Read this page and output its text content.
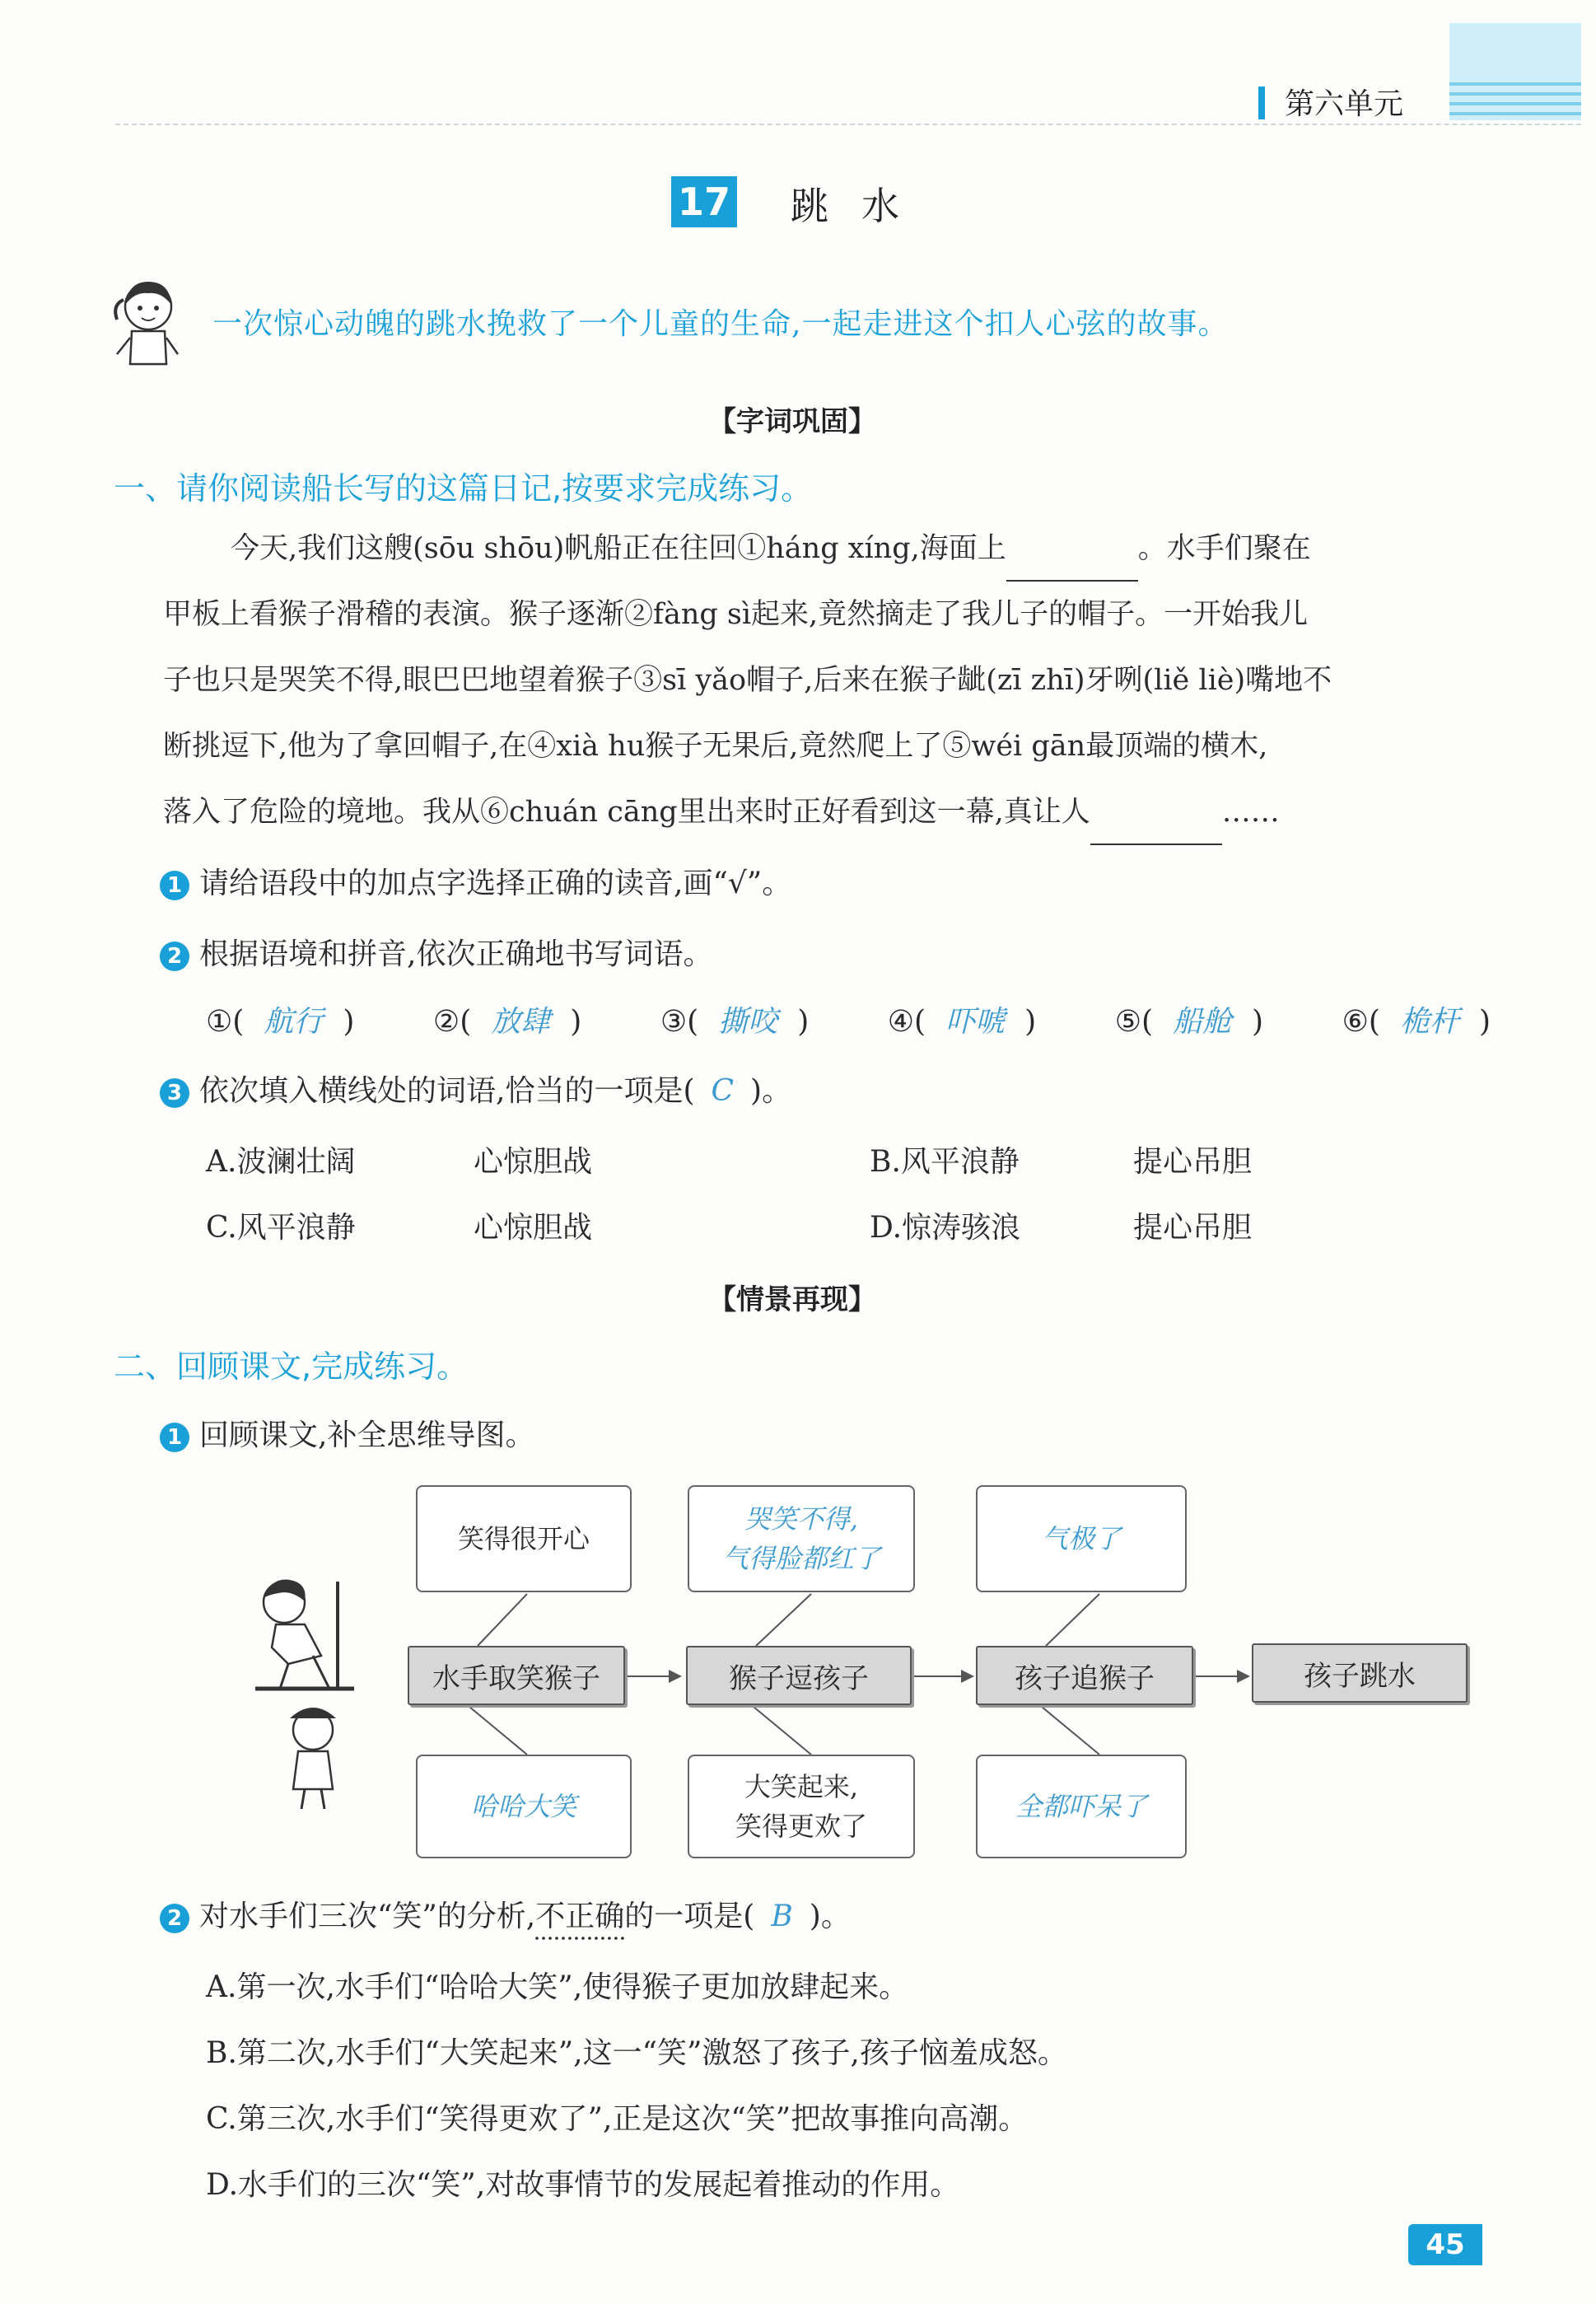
第六单元
17 跳水
一次惊心动魄的跳水挽救了一个儿童的生命,一起走进这个扣人心弦的故事。
【字词巩固】
一、请你阅读船长写的这篇日记,按要求完成练习。
今天,我们这艘(sōu shōu)帆船正在往回①háng xíng,海面上	。水手们聚在
甲板上看猴子滑稽的表演。猴子逐渐②fàng sì起来,竟然摘走了我儿子的帽子。一开始我儿
子也只是哭笑不得,眼巴巴地望着猴子③sī yǎo帽子,后来在猴子龇(zī zhī)牙咧(liě liè)嘴地不
断挑逗下,他为了拿回帽子,在④xià hu猴子无果后,竟然爬上了⑤wéi gān最顶端的横木,
落入了危险的境地。我从⑥chuán cāng里出来时正好看到这一幕,真让人	……
1 请给语段中的加点字选择正确的读音,画“√”。
2 根据语境和拼音,依次正确地书写词语。
①( 航行 )	②( 放肆 )	③( 撕咬 )	④( 吓唬 )	⑤( 船舱 )	⑥( 桅杆 )
3 依次填入横线处的词语,恰当的一项是( C )。
A.波澜壮阔	心惊胆战	B.风平浪静	提心吊胆
C.风平浪静	心惊胆战	D.惊涛骇浪	提心吊胆
【情景再现】
二、回顾课文,完成练习。
1 回顾课文,补全思维导图。
笑得很开心
哭笑不得,
气得脸都红了
气极了
水手取笑猴子	猴子逗孩子	孩子追猴子	孩子跳水
哈哈大笑
大笑起来,
笑得更欢了
全都吓呆了
2 对水手们三次“笑”的分析,不正确的一项是( B )。
A.第一次,水手们“哈哈大笑”,使得猴子更加放肆起来。
B.第二次,水手们“大笑起来”,这一“笑”激怒了孩子,孩子恼羞成怒。
C.第三次,水手们“笑得更欢了”,正是这次“笑”把故事推向高潮。
D.水手们的三次“笑”,对故事情节的发展起着推动的作用。
45
